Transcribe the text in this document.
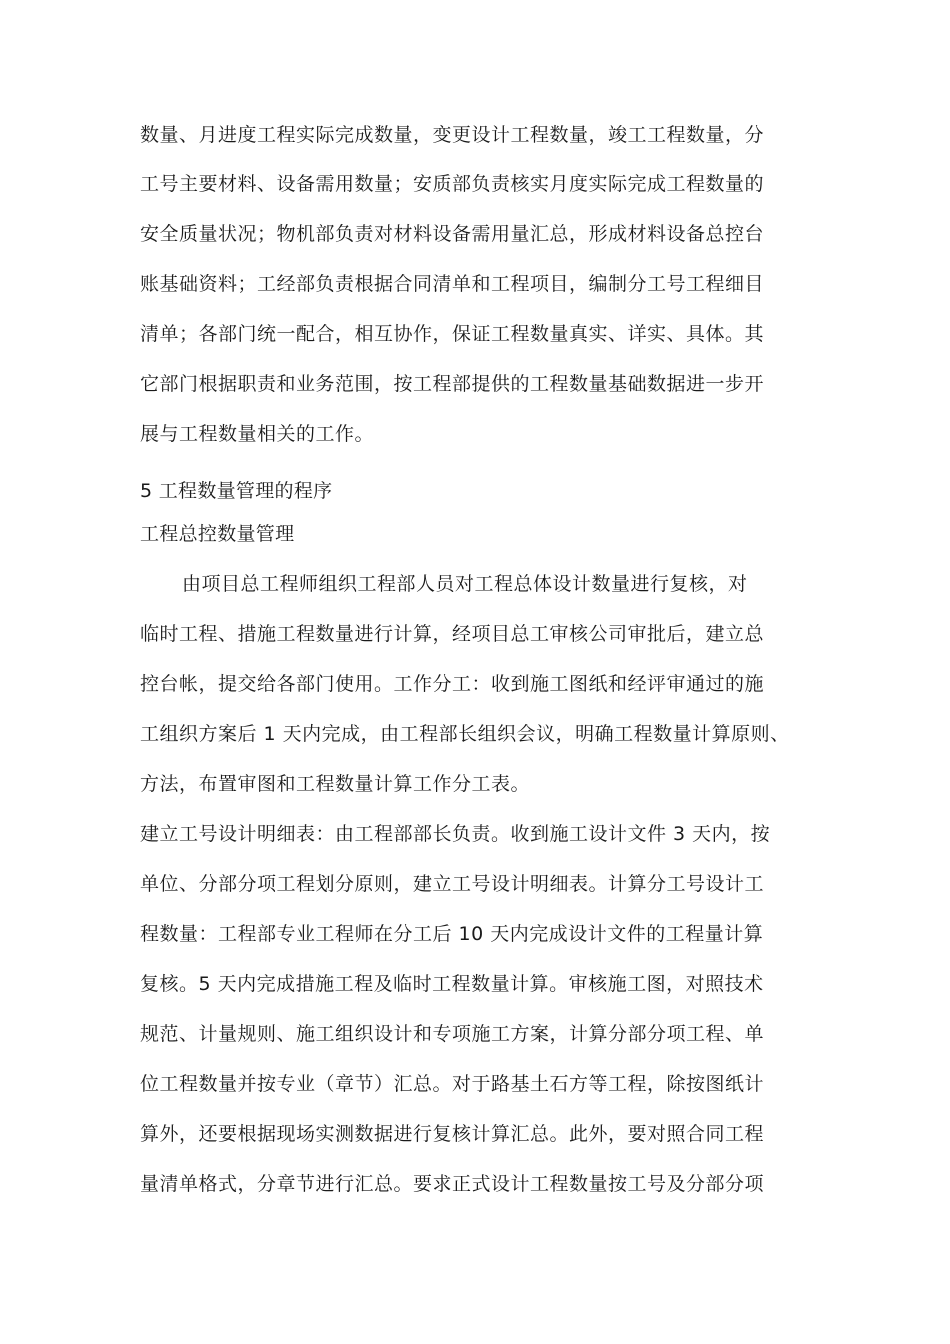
数量、月进度工程实际完成数量，变更设计工程数量，竣工工程数量，分
工号主要材料、设备需用数量；安质部负责核实月度实际完成工程数量的
安全质量状况；物机部负责对材料设备需用量汇总，形成材料设备总控台
账基础资料；工经部负责根据合同清单和工程项目，编制分工号工程细目
清单；各部门统一配合，相互协作，保证工程数量真实、详实、具体。其
它部门根据职责和业务范围，按工程部提供的工程数量基础数据进一步开
展与工程数量相关的工作。
5 工程数量管理的程序
工程总控数量管理
由项目总工程师组织工程部人员对工程总体设计数量进行复核，对
临时工程、措施工程数量进行计算，经项目总工审核公司审批后，建立总
控台帐，提交给各部门使用。工作分工：收到施工图纸和经评审通过的施
工组织方案后 1 天内完成，由工程部长组织会议，明确工程数量计算原则、
方法，布置审图和工程数量计算工作分工表。
建立工号设计明细表：由工程部部长负责。收到施工设计文件 3 天内，按
单位、分部分项工程划分原则，建立工号设计明细表。计算分工号设计工
程数量：工程部专业工程师在分工后 10 天内完成设计文件的工程量计算
复核。5 天内完成措施工程及临时工程数量计算。审核施工图，对照技术
规范、计量规则、施工组织设计和专项施工方案，计算分部分项工程、单
位工程数量并按专业（章节）汇总。对于路基土石方等工程，除按图纸计
算外，还要根据现场实测数据进行复核计算汇总。此外，要对照合同工程
量清单格式，分章节进行汇总。要求正式设计工程数量按工号及分部分项
